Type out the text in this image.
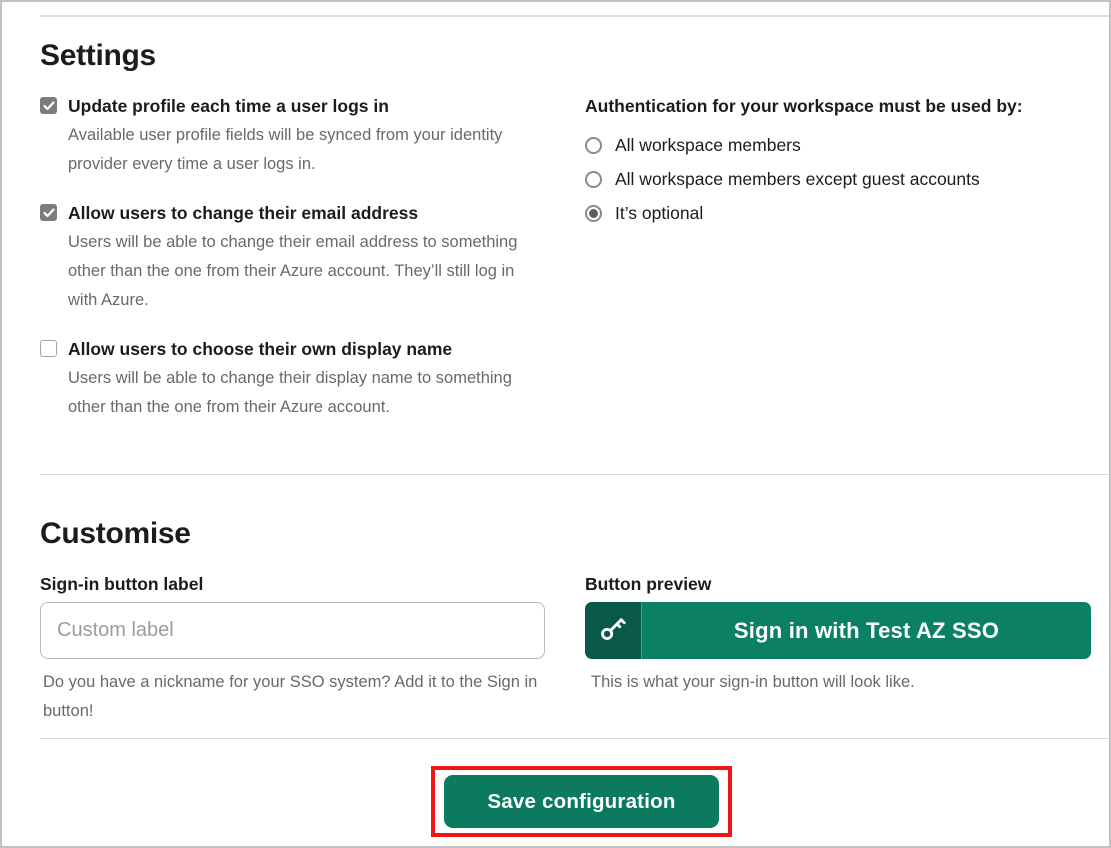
Settings
Update profile each time a user logs in
Available user profile fields will be synced from your identity provider every time a user logs in.
Allow users to change their email address
Users will be able to change their email address to something other than the one from their Azure account. They’ll still log in with Azure.
Allow users to choose their own display name
Users will be able to change their display name to something other than the one from their Azure account.
Authentication for your workspace must be used by:
All workspace members
All workspace members except guest accounts
It’s optional
Customise
Sign-in button label
Custom label
Do you have a nickname for your SSO system? Add it to the Sign in button!
Button preview
Sign in with Test AZ SSO
This is what your sign-in button will look like.
Save configuration
